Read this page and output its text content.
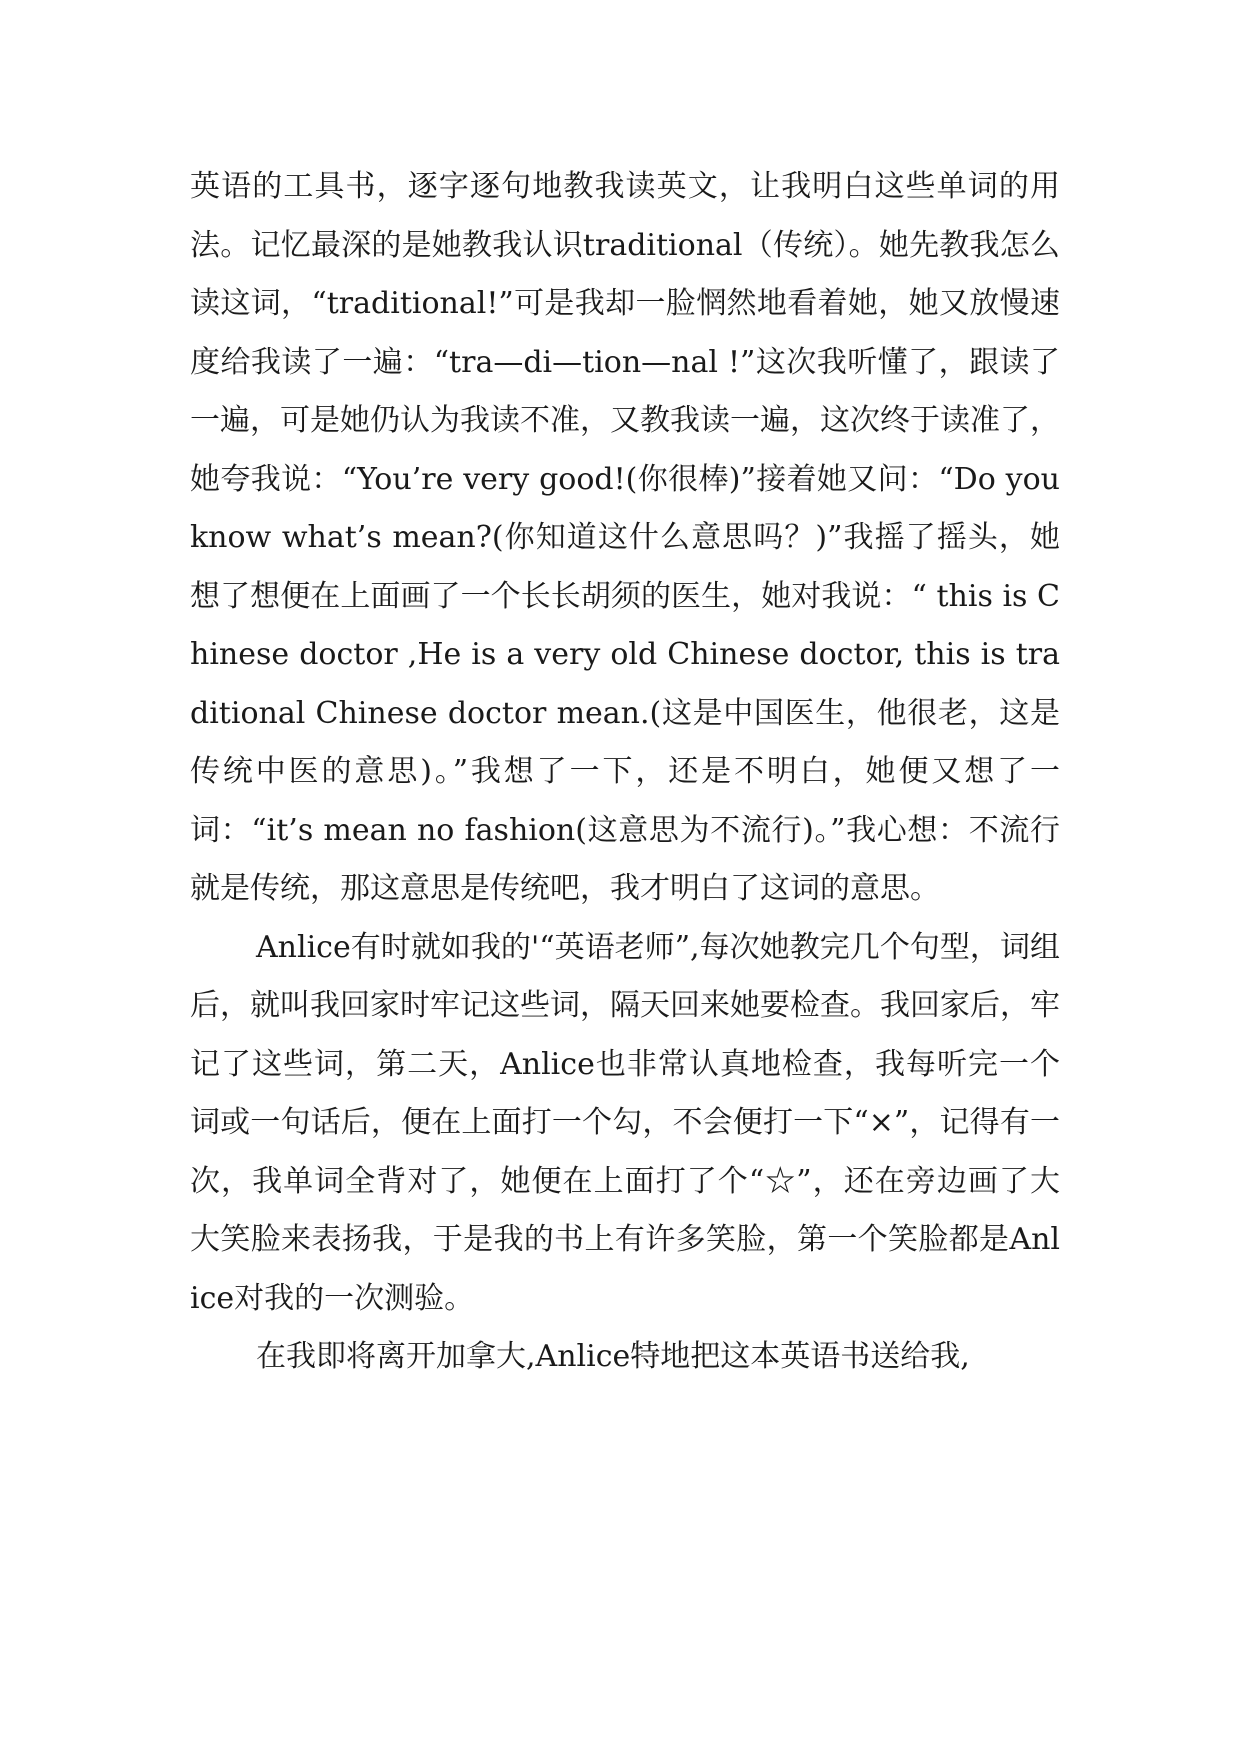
英语的工具书，逐字逐句地教我读英文，让我明白这些单词的用法。记忆最深的是她教我认识traditional（传统）。她先教我怎么读这词，“traditional!”可是我却一脸惘然地看着她，她又放慢速度给我读了一遍：“tra—di—tion—nal !”这次我听懂了，跟读了一遍，可是她仍认为我读不准，又教我读一遍，这次终于读准了，她夸我说：“You’re very good!(你很棒)”接着她又问：“Do you know what’s mean?(你知道这什么意思吗？)”我摇了摇头，她想了想便在上面画了一个长长胡须的医生，她对我说：“ this is Chinese doctor ,He is a very old Chinese doctor, this is traditional Chinese doctor mean.(这是中国医生，他很老，这是传统中医的意思)。”我想了一下，还是不明白，她便又想了一词：“it’s mean no fashion(这意思为不流行)。”我心想：不流行就是传统，那这意思是传统吧，我才明白了这词的意思。

Anlice有时就如我的'“英语老师”,每次她教完几个句型，词组后，就叫我回家时牢记这些词，隔天回来她要检查。我回家后，牢记了这些词，第二天，Anlice也非常认真地检查，我每听完一个词或一句话后，便在上面打一个勾，不会便打一下“×”，记得有一次，我单词全背对了，她便在上面打了个“☆”，还在旁边画了大大笑脸来表扬我，于是我的书上有许多笑脸，第一个笑脸都是Anlice对我的一次测验。

在我即将离开加拿大,Anlice特地把这本英语书送给我,
